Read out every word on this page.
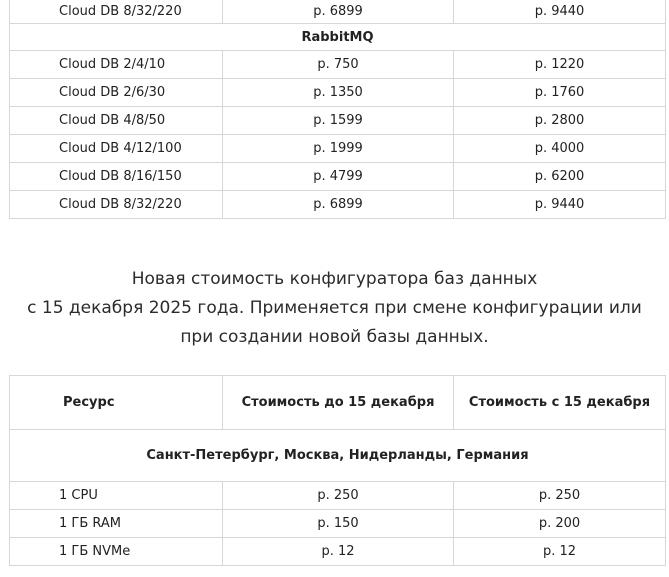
Cloud DB 8/32/220	р. 6899	р. 9440
RabbitMQ		
Cloud DB 2/4/10	р. 750	р. 1220
Cloud DB 2/6/30	р. 1350	р. 1760
Cloud DB 4/8/50	р. 1599	р. 2800
Cloud DB 4/12/100	р. 1999	р. 4000
Cloud DB 8/16/150	р. 4799	р. 6200
Cloud DB 8/32/220	р. 6899	р. 9440
Новая стоимость конфигуратора баз данных
с 15 декабря 2025 года. Применяется при смене конфигурации или
при создании новой базы данных.
Ресурс	Стоимость до 15 декабря	Стоимость с 15 декабря
Санкт-Петербург, Москва, Нидерланды, Германия		
1 CPU	р. 250	р. 250
1 ГБ RAM	р. 150	р. 200
1 ГБ NVMe	р. 12	р. 12
